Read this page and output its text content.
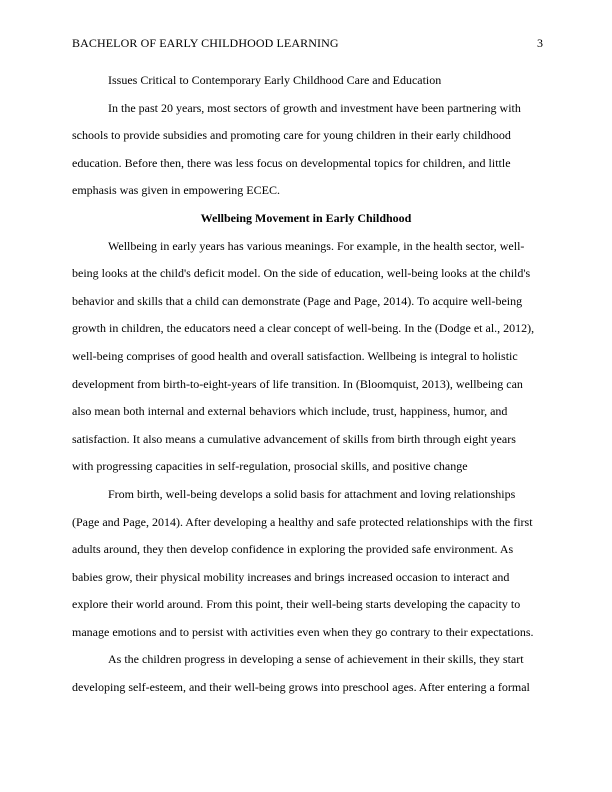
BACHELOR OF EARLY CHILDHOOD LEARNING	3

Issues Critical to Contemporary Early Childhood Care and Education

In the past 20 years, most sectors of growth and investment have been partnering with schools to provide subsidies and promoting care for young children in their early childhood education. Before then, there was less focus on developmental topics for children, and little emphasis was given in empowering ECEC.

Wellbeing Movement in Early Childhood

Wellbeing in early years has various meanings. For example, in the health sector, well-being looks at the child's deficit model. On the side of education, well-being looks at the child's behavior and skills that a child can demonstrate (Page and Page, 2014). To acquire well-being growth in children, the educators need a clear concept of well-being. In the (Dodge et al., 2012), well-being comprises of good health and overall satisfaction. Wellbeing is integral to holistic development from birth-to-eight-years of life transition. In (Bloomquist, 2013), wellbeing can also mean both internal and external behaviors which include, trust, happiness, humor, and satisfaction. It also means a cumulative advancement of skills from birth through eight years with progressing capacities in self-regulation, prosocial skills, and positive change

From birth, well-being develops a solid basis for attachment and loving relationships (Page and Page, 2014). After developing a healthy and safe protected relationships with the first adults around, they then develop confidence in exploring the provided safe environment. As babies grow, their physical mobility increases and brings increased occasion to interact and explore their world around. From this point, their well-being starts developing the capacity to manage emotions and to persist with activities even when they go contrary to their expectations.

As the children progress in developing a sense of achievement in their skills, they start developing self-esteem, and their well-being grows into preschool ages. After entering a formal
